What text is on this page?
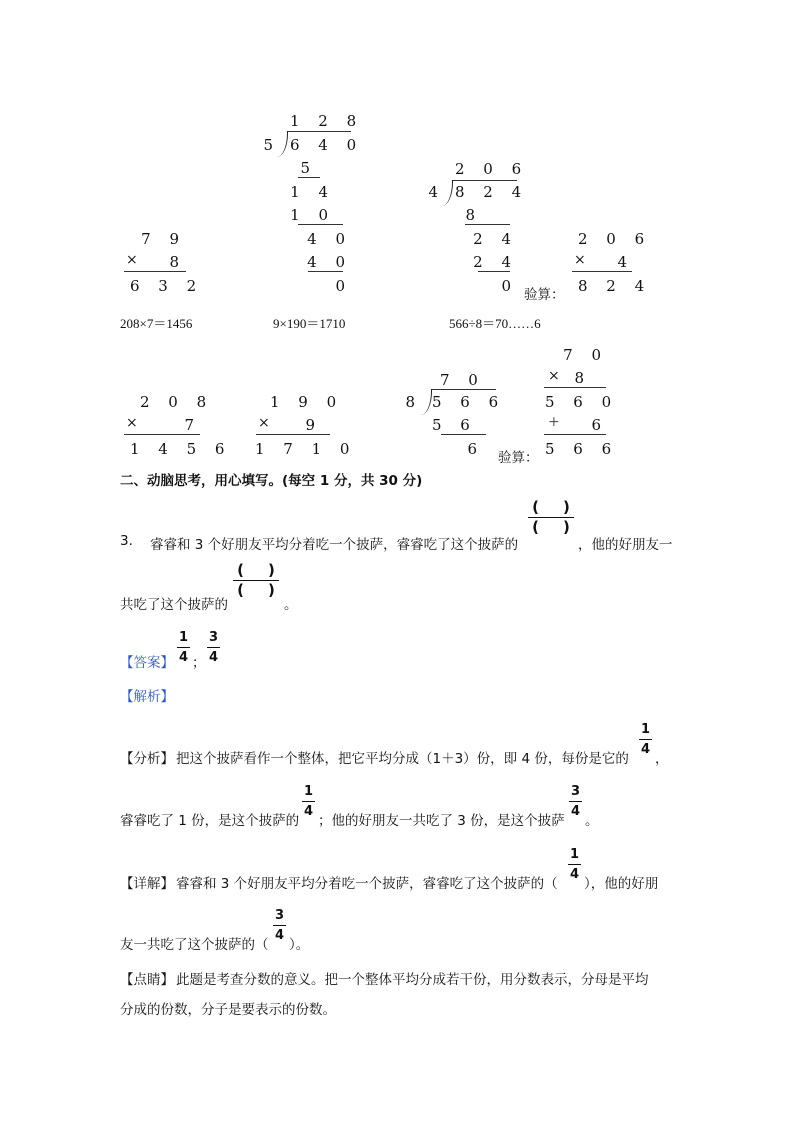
1 2 8
5 6 4 0
5
1 4
1 0
4 0
4 0
0
2 0 6
4 8 2 4
8
2 4
2 4
0
7 9
×	8
6 3 2	验算：
2 0 6
×	4
8 2 4
208×7＝1456	9×190＝1710	566÷8＝70……6
2 0 8
×	7
1 4 5 6
1 9 0
×	9
1 7 1 0
7 0
8 5 6 6
5 6
6 验算：
7 0
× 8
5 6 0
+	6
5 6 6
二、动脑思考，用心填写。(每空 1 分，共 30 分)
3. 睿睿和 3 个好朋友平均分着吃一个披萨，睿睿吃了这个披萨的
( )
( )
，他的好朋友一
共吃了这个披萨的
( )
( )
。
【答案】
1
4 ；
3
4
【解析】
【分析】 把这个披萨看作一个整体，把它平均分成（1＋3）份，即 4 份，每份是它的
1
4
，
睿睿吃了 1 份，是这个披萨的
1
4
；他的好朋友一共吃了 3 份，是这个披萨
3
4
。
【详解】 睿睿和 3 个好朋友平均分着吃一个披萨，睿睿吃了这个披萨的（
1
4
），他的好朋
友一共吃了这个披萨的（
3
4
）。
【点睛】 此题是考查分数的意义。把一个整体平均分成若干份，用分数表示，分母是平均
分成的份数，分子是要表示的份数。
